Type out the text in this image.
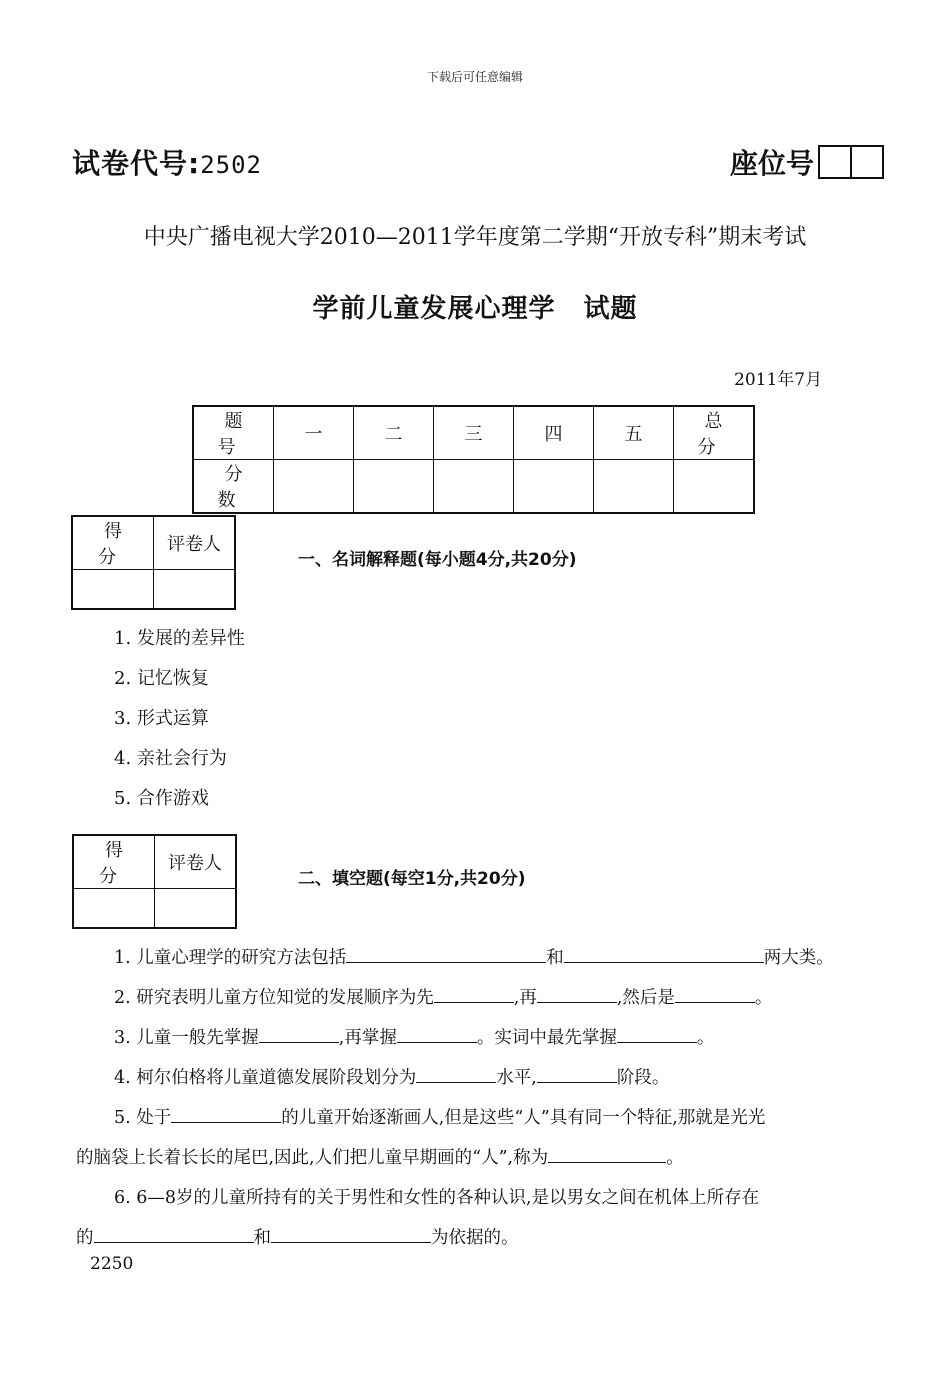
下载后可任意编辑
试卷代号:2502	座位号
中央广播电视大学2010—2011学年度第二学期“开放专科”期末考试
学前儿童发展心理学 试题
2011年7月
题 号	一	二	三	四	五	总 分
分 数						
得 分	评卷人

一、名词解释题(每小题4分,共20分)
1. 发展的差异性
2. 记忆恢复
3. 形式运算
4. 亲社会行为
5. 合作游戏
得 分	评卷人

二、填空题(每空1分,共20分)
1. 儿童心理学的研究方法包括	和	两大类。
2. 研究表明儿童方位知觉的发展顺序为先	,再	,然后是	。
3. 儿童一般先掌握	,再掌握	。实词中最先掌握	。
4. 柯尔伯格将儿童道德发展阶段划分为	水平,	阶段。
5. 处于	的儿童开始逐渐画人,但是这些“人”具有同一个特征,那就是光光
的脑袋上长着长长的尾巴,因此,人们把儿童早期画的“人”,称为	。
6. 6—8岁的儿童所持有的关于男性和女性的各种认识,是以男女之间在机体上所存在
的	和	为依据的。
2250
